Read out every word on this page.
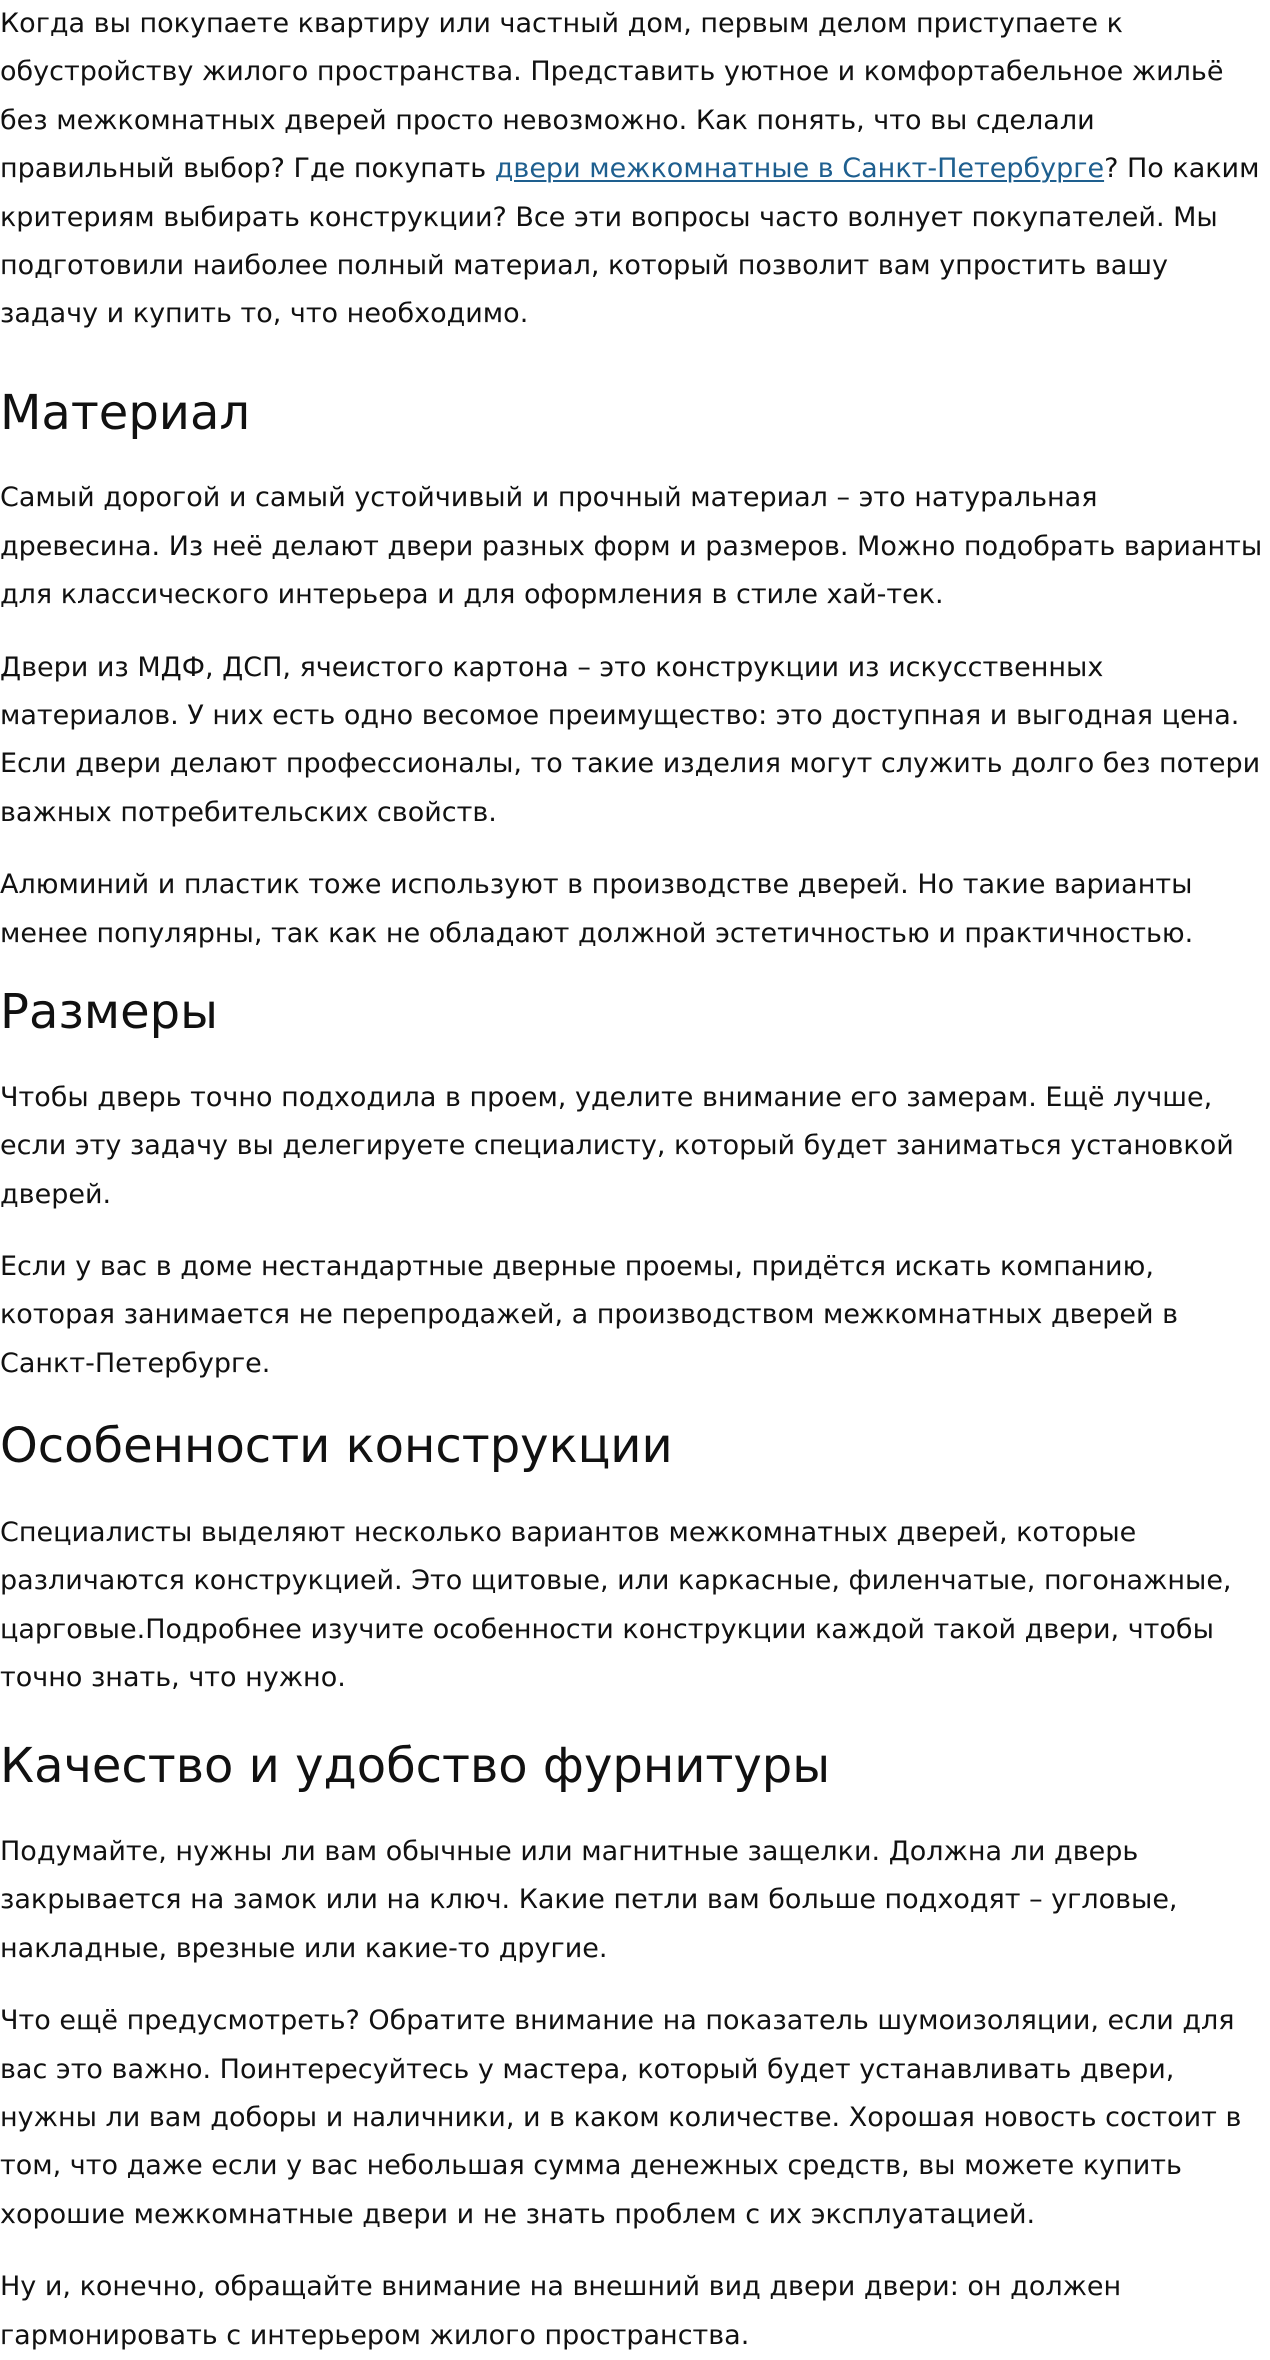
Когда вы покупаете квартиру или частный дом, первым делом приступаете к обустройству жилого пространства. Представить уютное и комфортабельное жильё без межкомнатных дверей просто невозможно. Как понять, что вы сделали правильный выбор? Где покупать двери межкомнатные в Санкт-Петербурге? По каким критериям выбирать конструкции? Все эти вопросы часто волнует покупателей. Мы подготовили наиболее полный материал, который позволит вам упростить вашу задачу и купить то, что необходимо.

Материал

Самый дорогой и самый устойчивый и прочный материал – это натуральная древесина. Из неё делают двери разных форм и размеров. Можно подобрать варианты для классического интерьера и для оформления в стиле хай-тек.

Двери из МДФ, ДСП, ячеистого картона – это конструкции из искусственных материалов. У них есть одно весомое преимущество: это доступная и выгодная цена. Если двери делают профессионалы, то такие изделия могут служить долго без потери важных потребительских свойств.

Алюминий и пластик тоже используют в производстве дверей. Но такие варианты менее популярны, так как не обладают должной эстетичностью и практичностью.

Размеры

Чтобы дверь точно подходила в проем, уделите внимание его замерам. Ещё лучше, если эту задачу вы делегируете специалисту, который будет заниматься установкой дверей.

Если у вас в доме нестандартные дверные проемы, придётся искать компанию, которая занимается не перепродажей, а производством межкомнатных дверей в Санкт-Петербурге.

Особенности конструкции

Специалисты выделяют несколько вариантов межкомнатных дверей, которые различаются конструкцией. Это щитовые, или каркасные, филенчатые, погонажные, царговые.Подробнее изучите особенности конструкции каждой такой двери, чтобы точно знать, что нужно.

Качество и удобство фурнитуры

Подумайте, нужны ли вам обычные или магнитные защелки. Должна ли дверь закрывается на замок или на ключ. Какие петли вам больше подходят – угловые, накладные, врезные или какие-то другие.

Что ещё предусмотреть? Обратите внимание на показатель шумоизоляции, если для вас это важно. Поинтересуйтесь у мастера, который будет устанавливать двери, нужны ли вам доборы и наличники, и в каком количестве. Хорошая новость состоит в том, что даже если у вас небольшая сумма денежных средств, вы можете купить хорошие межкомнатные двери и не знать проблем с их эксплуатацией.

Ну и, конечно, обращайте внимание на внешний вид двери двери: он должен гармонировать с интерьером жилого пространства.
